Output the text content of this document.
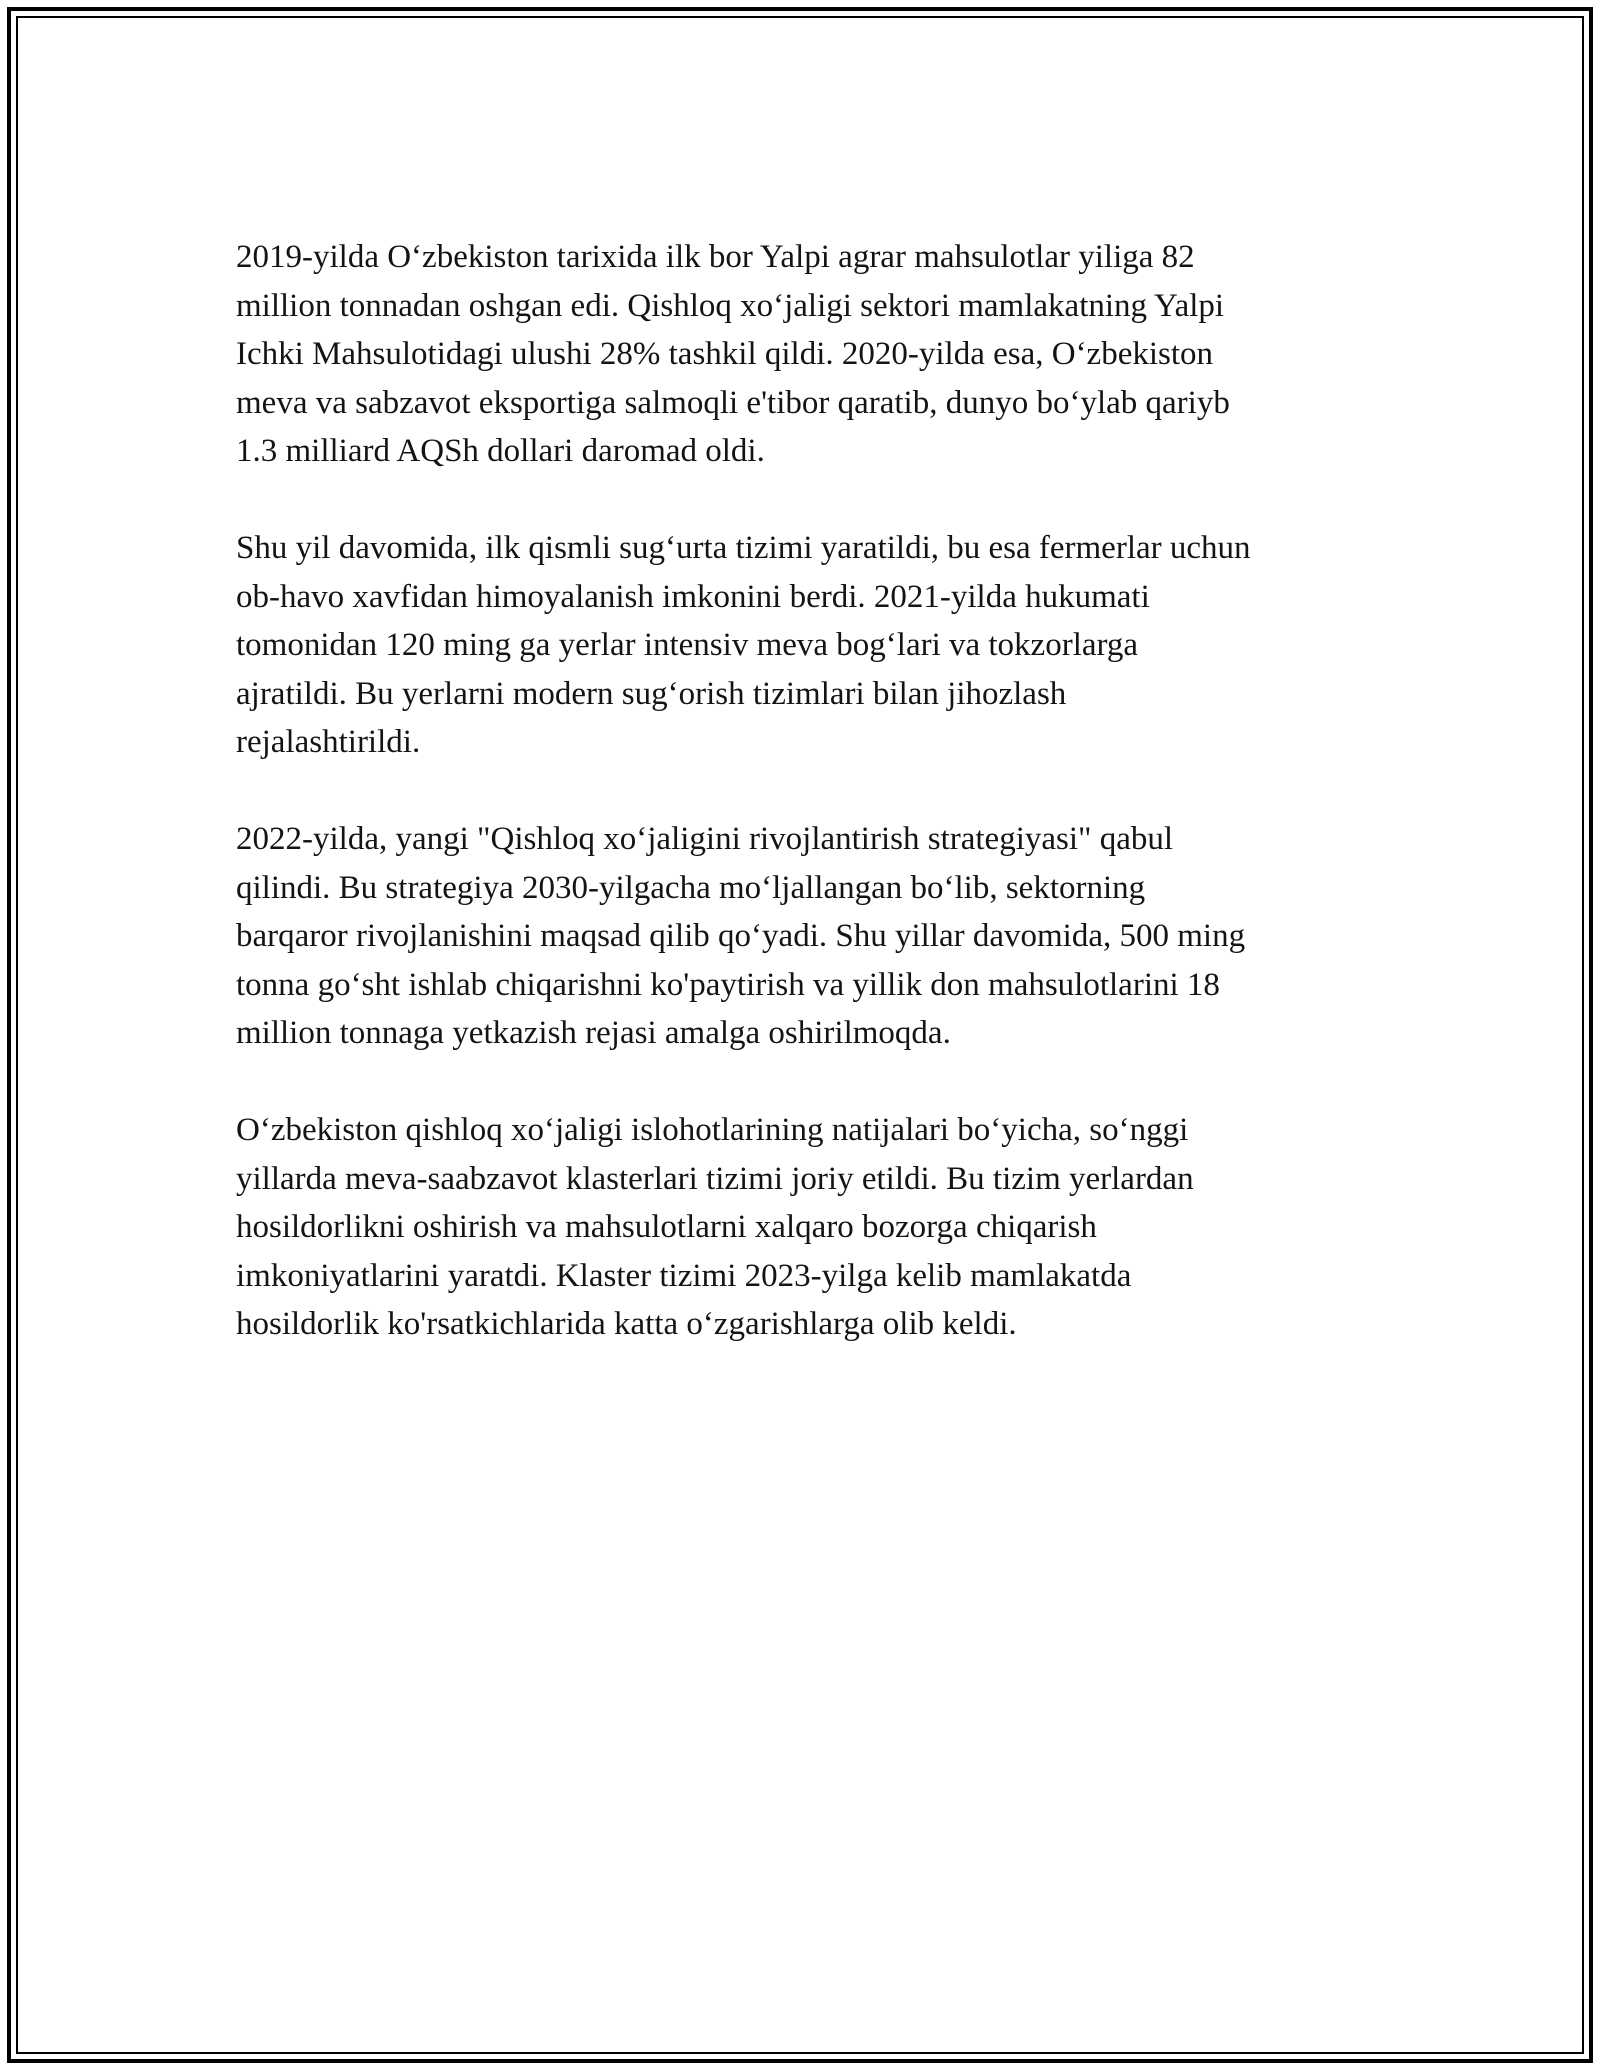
2019-yilda O‘zbekiston tarixida ilk bor Yalpi agrar mahsulotlar yiliga 82
million tonnadan oshgan edi. Qishloq xo‘jaligi sektori mamlakatning Yalpi
Ichki Mahsulotidagi ulushi 28% tashkil qildi. 2020-yilda esa, O‘zbekiston
meva va sabzavot eksportiga salmoqli e'tibor qaratib, dunyo bo‘ylab qariyb
1.3 milliard AQSh dollari daromad oldi.

Shu yil davomida, ilk qismli sug‘urta tizimi yaratildi, bu esa fermerlar uchun
ob-havo xavfidan himoyalanish imkonini berdi. 2021-yilda hukumati
tomonidan 120 ming ga yerlar intensiv meva bog‘lari va tokzorlarga
ajratildi. Bu yerlarni modern sug‘orish tizimlari bilan jihozlash
rejalashtirildi.

2022-yilda, yangi "Qishloq xo‘jaligini rivojlantirish strategiyasi" qabul
qilindi. Bu strategiya 2030-yilgacha mo‘ljallangan bo‘lib, sektorning
barqaror rivojlanishini maqsad qilib qo‘yadi. Shu yillar davomida, 500 ming
tonna go‘sht ishlab chiqarishni ko'paytirish va yillik don mahsulotlarini 18
million tonnaga yetkazish rejasi amalga oshirilmoqda.

O‘zbekiston qishloq xo‘jaligi islohotlarining natijalari bo‘yicha, so‘nggi
yillarda meva-saabzavot klasterlari tizimi joriy etildi. Bu tizim yerlardan
hosildorlikni oshirish va mahsulotlarni xalqaro bozorga chiqarish
imkoniyatlarini yaratdi. Klaster tizimi 2023-yilga kelib mamlakatda
hosildorlik ko'rsatkichlarida katta o‘zgarishlarga olib keldi.
